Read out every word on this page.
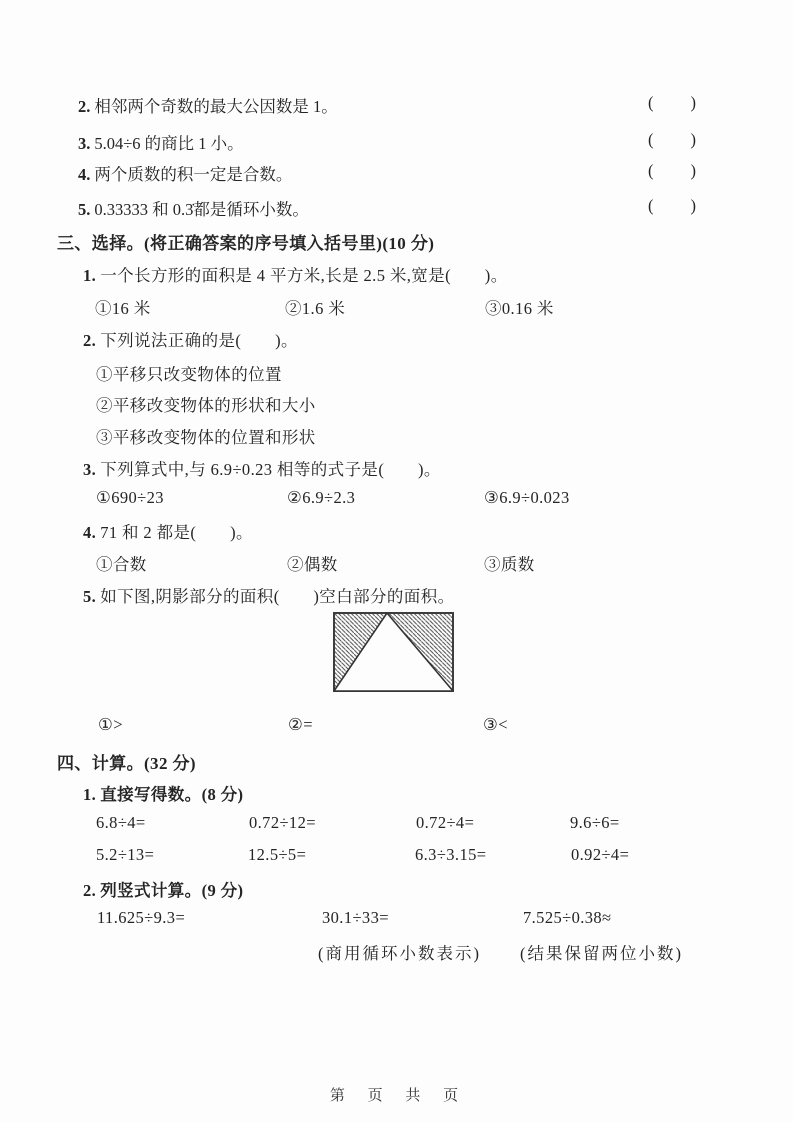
2. 相邻两个奇数的最大公因数是 1。	( )
3. 5.04÷6 的商比 1 小。	( )
4. 两个质数的积一定是合数。	( )
5. 0.33333 和 0.3̇都是循环小数。	( )
三、选择。(将正确答案的序号填入括号里)(10 分)
1. 一个长方形的面积是 4 平方米,长是 2.5 米,宽是(　　)。
①16 米	②1.6 米	③0.16 米
2. 下列说法正确的是(　　)。
①平移只改变物体的位置
②平移改变物体的形状和大小
③平移改变物体的位置和形状
3. 下列算式中,与 6.9÷0.23 相等的式子是(　　)。
①690÷23	②6.9÷2.3	③6.9÷0.023
4. 71 和 2 都是(　　)。
①合数	②偶数	③质数
5. 如下图,阴影部分的面积(　　)空白部分的面积。
①>	②=	③<
四、计算。(32 分)
1. 直接写得数。(8 分)
6.8÷4=	0.72÷12=	0.72÷4=	9.6÷6=
5.2÷13=	12.5÷5=	6.3÷3.15=	0.92÷4=
2. 列竖式计算。(9 分)
11.625÷9.3=	30.1÷33=	7.525÷0.38≈
(商用循环小数表示) (结果保留两位小数)
第 页 共 页
